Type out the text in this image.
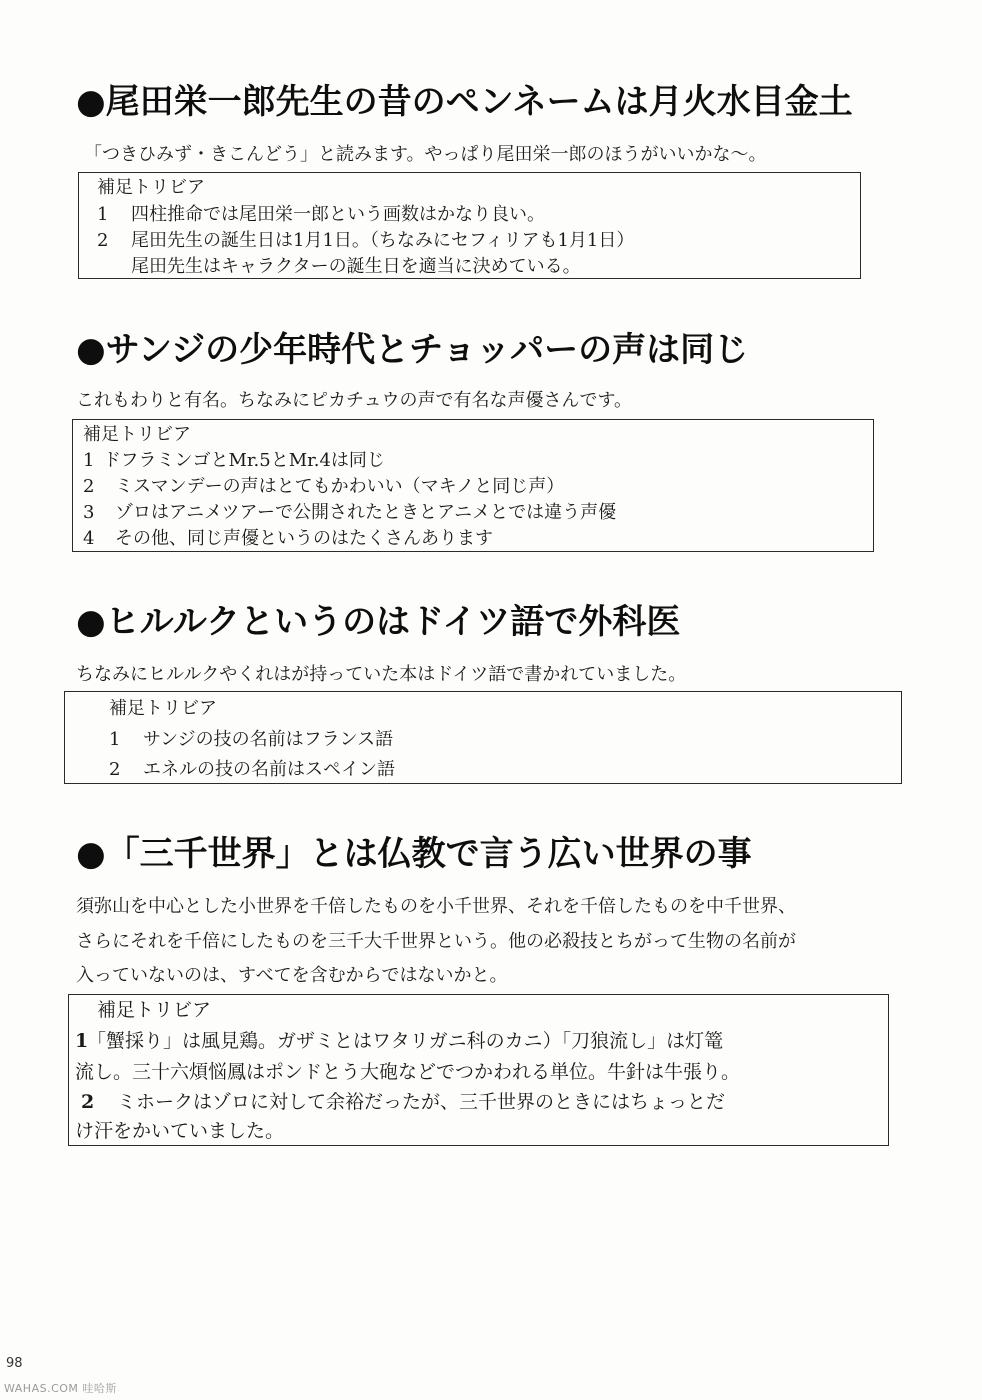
●尾田栄一郎先生の昔のペンネームは月火水目金土

「つきひみず・きこんどう」と読みます。やっぱり尾田栄一郎のほうがいいかな～。

補足トリビア

1 四柱推命では尾田栄一郎という画数はかなり良い。

2 尾田先生の誕生日は1月1日。（ちなみにセフィリアも1月1日）

尾田先生はキャラクターの誕生日を適当に決めている。

●サンジの少年時代とチョッパーの声は同じ

これもわりと有名。ちなみにピカチュウの声で有名な声優さんです。

補足トリビア

1 ドフラミンゴとMr.5とMr.4は同じ

2 ミスマンデーの声はとてもかわいい（マキノと同じ声）

3 ゾロはアニメツアーで公開されたときとアニメとでは違う声優

4 その他、同じ声優というのはたくさんあります

●ヒルルクというのはドイツ語で外科医

ちなみにヒルルクやくれはが持っていた本はドイツ語で書かれていました。

補足トリビア

1 サンジの技の名前はフランス語

2 エネルの技の名前はスペイン語

●「三千世界」とは仏教で言う広い世界の事

須弥山を中心とした小世界を千倍したものを小千世界、それを千倍したものを中千世界、

さらにそれを千倍にしたものを三千大千世界という。他の必殺技とちがって生物の名前が

入っていないのは、すべてを含むからではないかと。

補足トリビア

1「蟹採り」は風見鶏。ガザミとはワタリガニ科のカニ）「刀狼流し」は灯篭

流し。三十六煩悩鳳はポンドとう大砲などでつかわれる単位。牛針は牛張り。

2 ミホークはゾロに対して余裕だったが、三千世界のときにはちょっとだ

け汗をかいていました。

98
WAHAS.COM 哇哈斯
